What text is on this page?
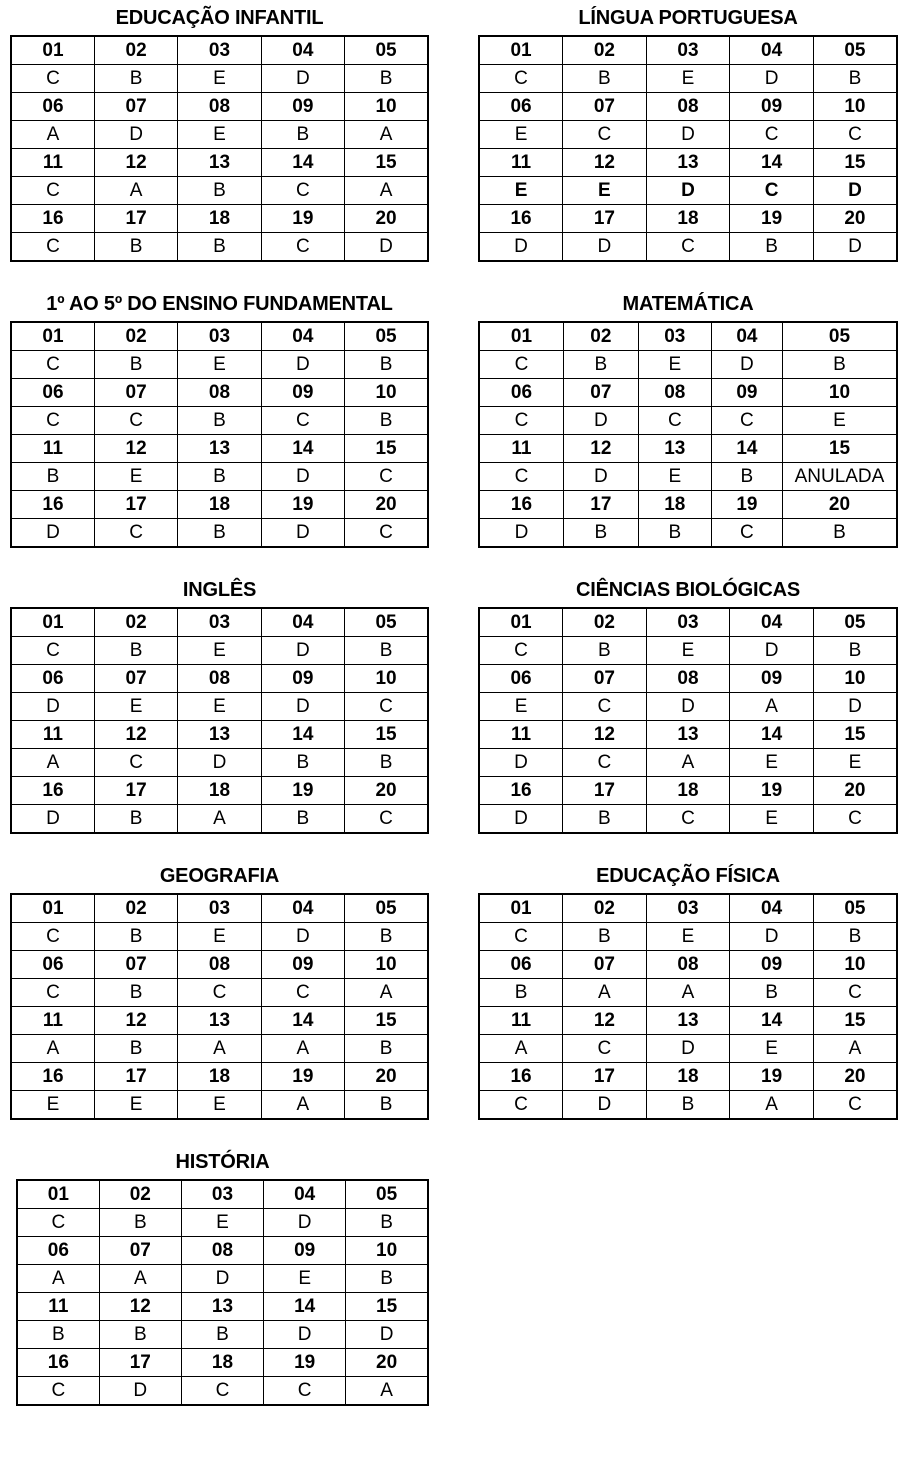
EDUCAÇÃO INFANTIL
01	02	03	04	05
C	B	E	D	B
06	07	08	09	10
A	D	E	B	A
11	12	13	14	15
C	A	B	C	A
16	17	18	19	20
C	B	B	C	D
LÍNGUA PORTUGUESA
01	02	03	04	05
C	B	E	D	B
06	07	08	09	10
E	C	D	C	C
11	12	13	14	15
E	E	D	C	D
16	17	18	19	20
D	D	C	B	D
1º AO 5º DO ENSINO FUNDAMENTAL
01	02	03	04	05
C	B	E	D	B
06	07	08	09	10
C	C	B	C	B
11	12	13	14	15
B	E	B	D	C
16	17	18	19	20
D	C	B	D	C
MATEMÁTICA
01	02	03	04	05
C	B	E	D	B
06	07	08	09	10
C	D	C	C	E
11	12	13	14	15
C	D	E	B	ANULADA
16	17	18	19	20
D	B	B	C	B
INGLÊS
01	02	03	04	05
C	B	E	D	B
06	07	08	09	10
D	E	E	D	C
11	12	13	14	15
A	C	D	B	B
16	17	18	19	20
D	B	A	B	C
CIÊNCIAS BIOLÓGICAS
01	02	03	04	05
C	B	E	D	B
06	07	08	09	10
E	C	D	A	D
11	12	13	14	15
D	C	A	E	E
16	17	18	19	20
D	B	C	E	C
GEOGRAFIA
01	02	03	04	05
C	B	E	D	B
06	07	08	09	10
C	B	C	C	A
11	12	13	14	15
A	B	A	A	B
16	17	18	19	20
E	E	E	A	B
EDUCAÇÃO FÍSICA
01	02	03	04	05
C	B	E	D	B
06	07	08	09	10
B	A	A	B	C
11	12	13	14	15
A	C	D	E	A
16	17	18	19	20
C	D	B	A	C
HISTÓRIA
01	02	03	04	05
C	B	E	D	B
06	07	08	09	10
A	A	D	E	B
11	12	13	14	15
B	B	B	D	D
16	17	18	19	20
C	D	C	C	A
